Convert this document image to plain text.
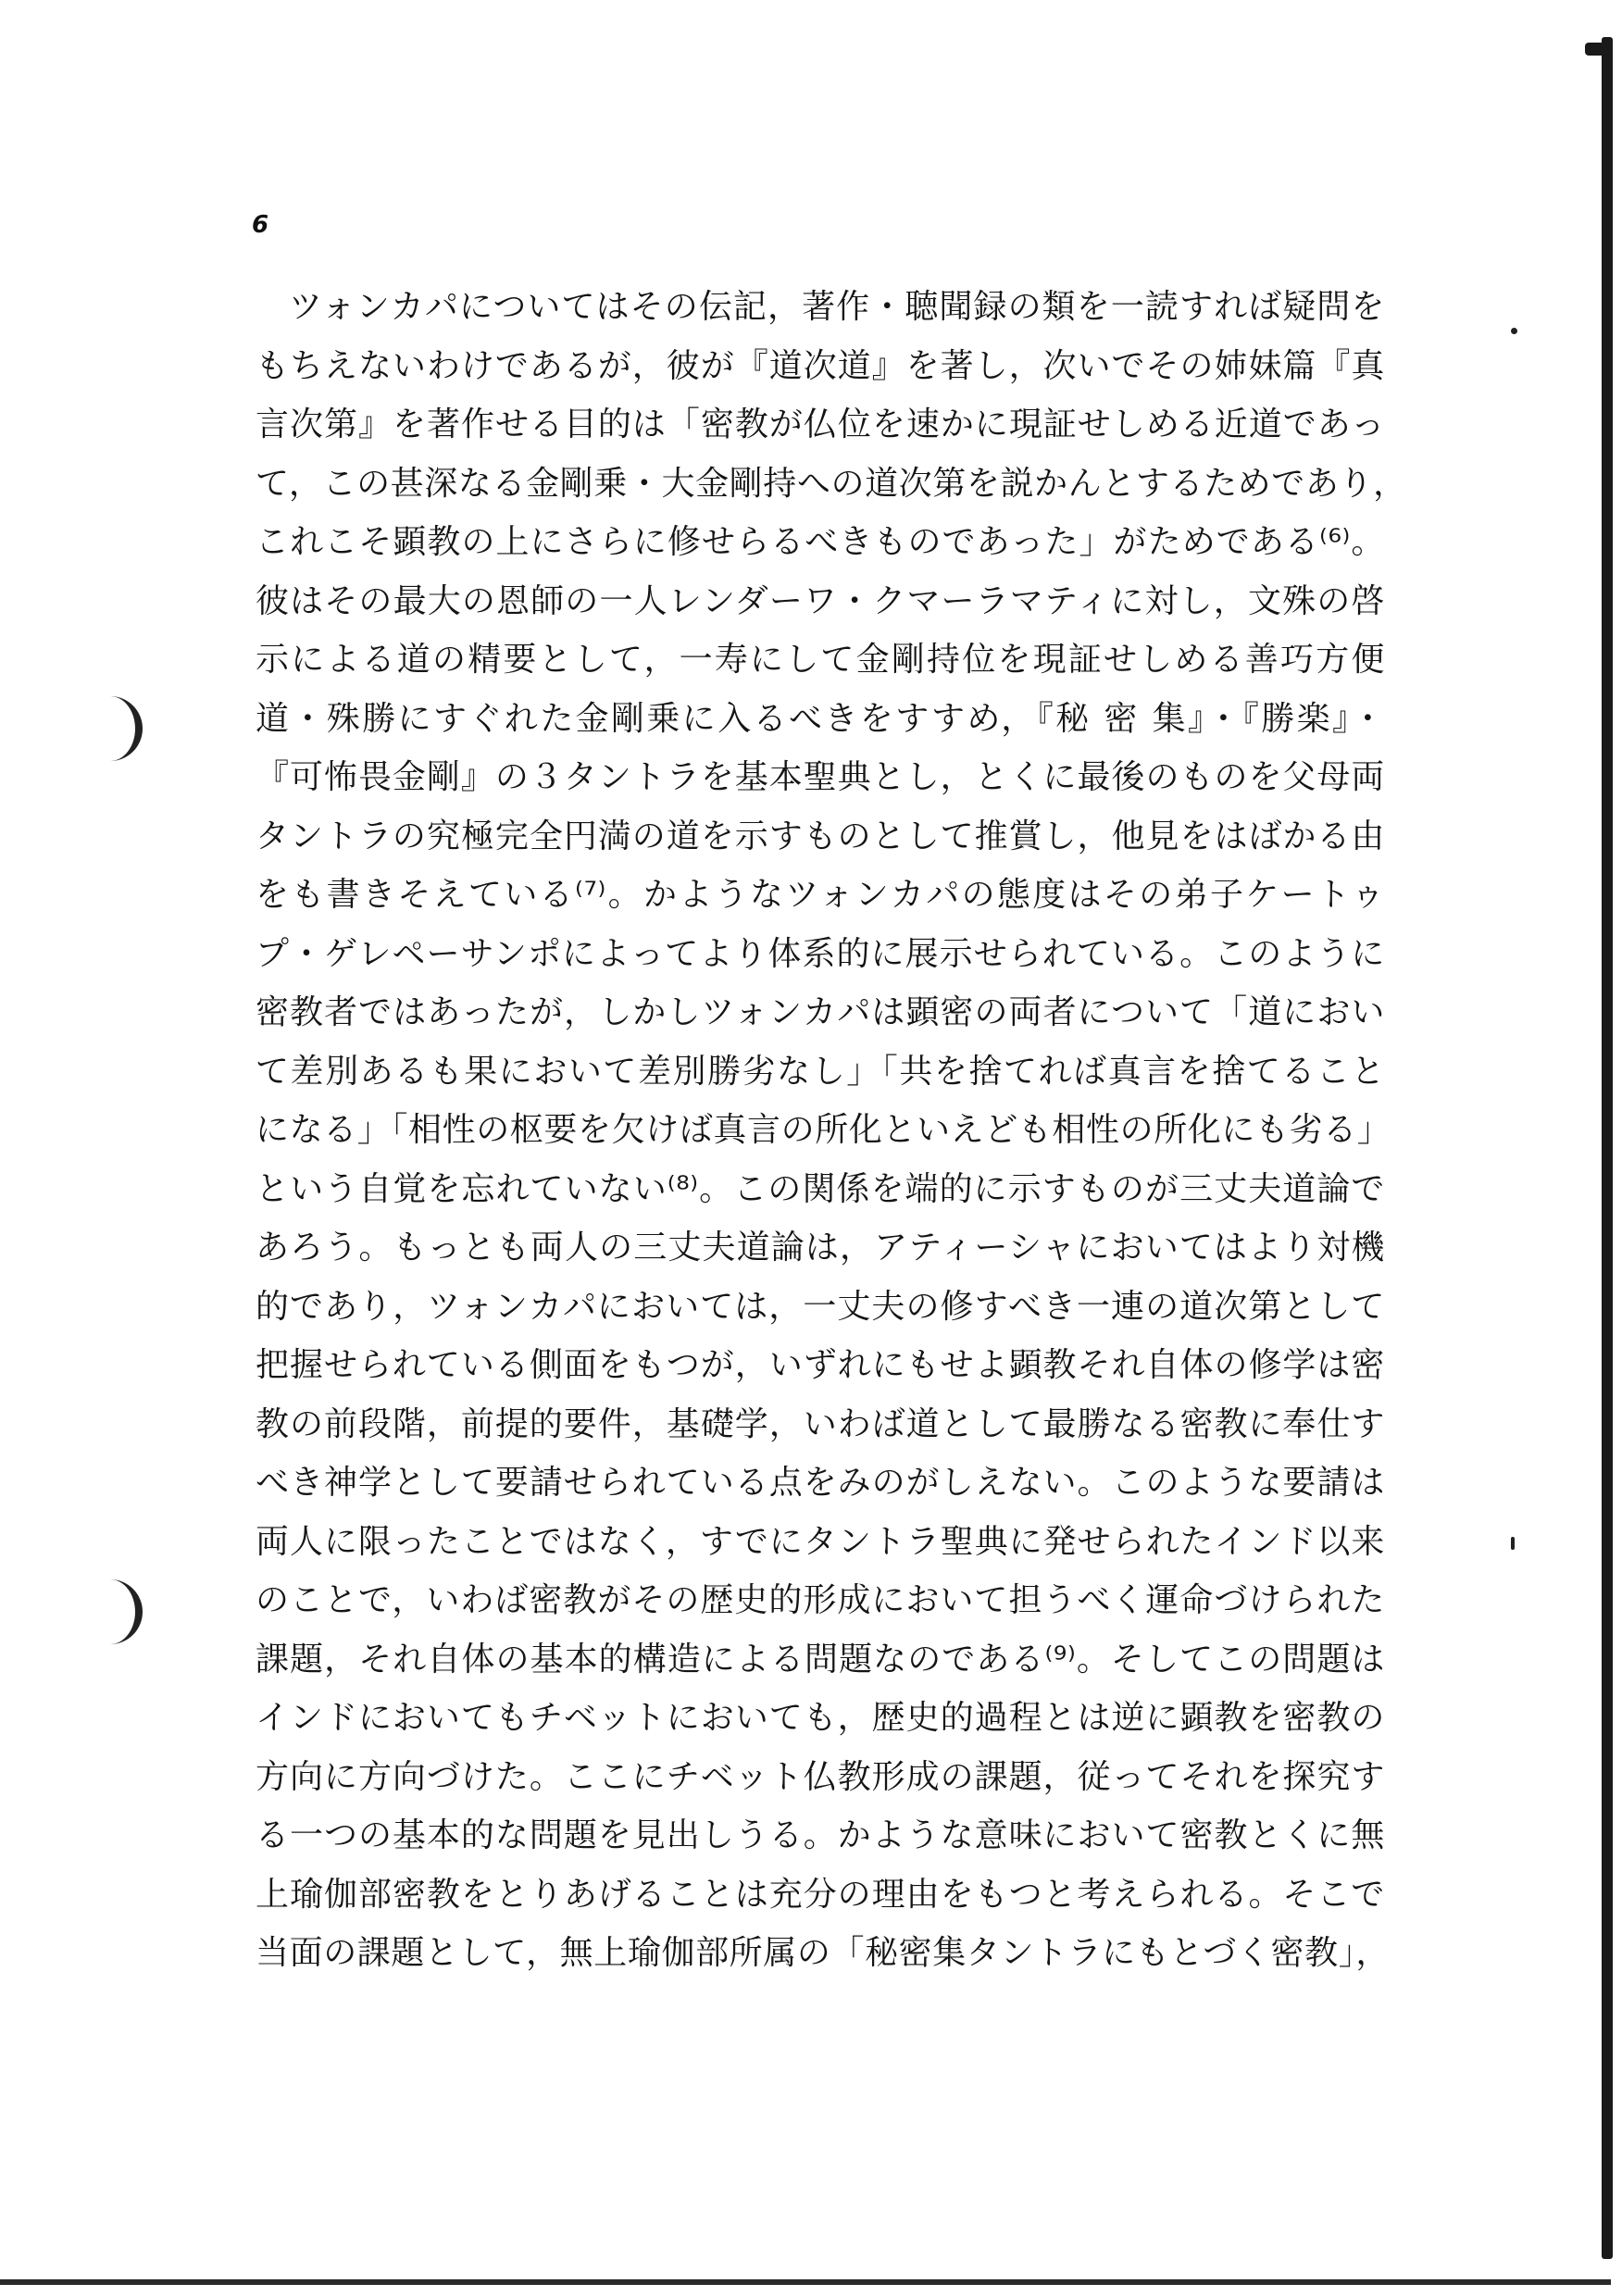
6
ツォンカパについてはその伝記，著作・聴聞録の類を一読すれば疑問を
もちえないわけであるが，彼が『道次道』を著し，次いでその姉妹篇『真
言次第』を著作せる目的は「密教が仏位を速かに現証せしめる近道であっ
て，この甚深なる金剛乗・大金剛持への道次第を説かんとするためであり，
これこそ顕教の上にさらに修せらるべきものであった」がためである⁽⁶⁾。
彼はその最大の恩師の一人レンダーワ・クマーラマティに対し，文殊の啓
示による道の精要として，一寿にして金剛持位を現証せしめる善巧方便
道・殊勝にすぐれた金剛乗に入るべきをすすめ，『秘 密 集』・『勝楽』・
『可怖畏金剛』の３タントラを基本聖典とし，とくに最後のものを父母両
タントラの究極完全円満の道を示すものとして推賞し，他見をはばかる由
をも書きそえている⁽⁷⁾。かようなツォンカパの態度はその弟子ケートゥ
プ・ゲレペーサンポによってより体系的に展示せられている。このように
密教者ではあったが，しかしツォンカパは顕密の両者について「道におい
て差別あるも果において差別勝劣なし」「共を捨てれば真言を捨てること
になる」「相性の枢要を欠けば真言の所化といえども相性の所化にも劣る」
という自覚を忘れていない⁽⁸⁾。この関係を端的に示すものが三丈夫道論で
あろう。もっとも両人の三丈夫道論は，アティーシャにおいてはより対機
的であり，ツォンカパにおいては，一丈夫の修すべき一連の道次第として
把握せられている側面をもつが，いずれにもせよ顕教それ自体の修学は密
教の前段階，前提的要件，基礎学，いわば道として最勝なる密教に奉仕す
べき神学として要請せられている点をみのがしえない。このような要請は
両人に限ったことではなく，すでにタントラ聖典に発せられたインド以来
のことで，いわば密教がその歴史的形成において担うべく運命づけられた
課題，それ自体の基本的構造による問題なのである⁽⁹⁾。そしてこの問題は
インドにおいてもチベットにおいても，歴史的過程とは逆に顕教を密教の
方向に方向づけた。ここにチベット仏教形成の課題，従ってそれを探究す
る一つの基本的な問題を見出しうる。かような意味において密教とくに無
上瑜伽部密教をとりあげることは充分の理由をもつと考えられる。そこで
当面の課題として，無上瑜伽部所属の「秘密集タントラにもとづく密教」，
